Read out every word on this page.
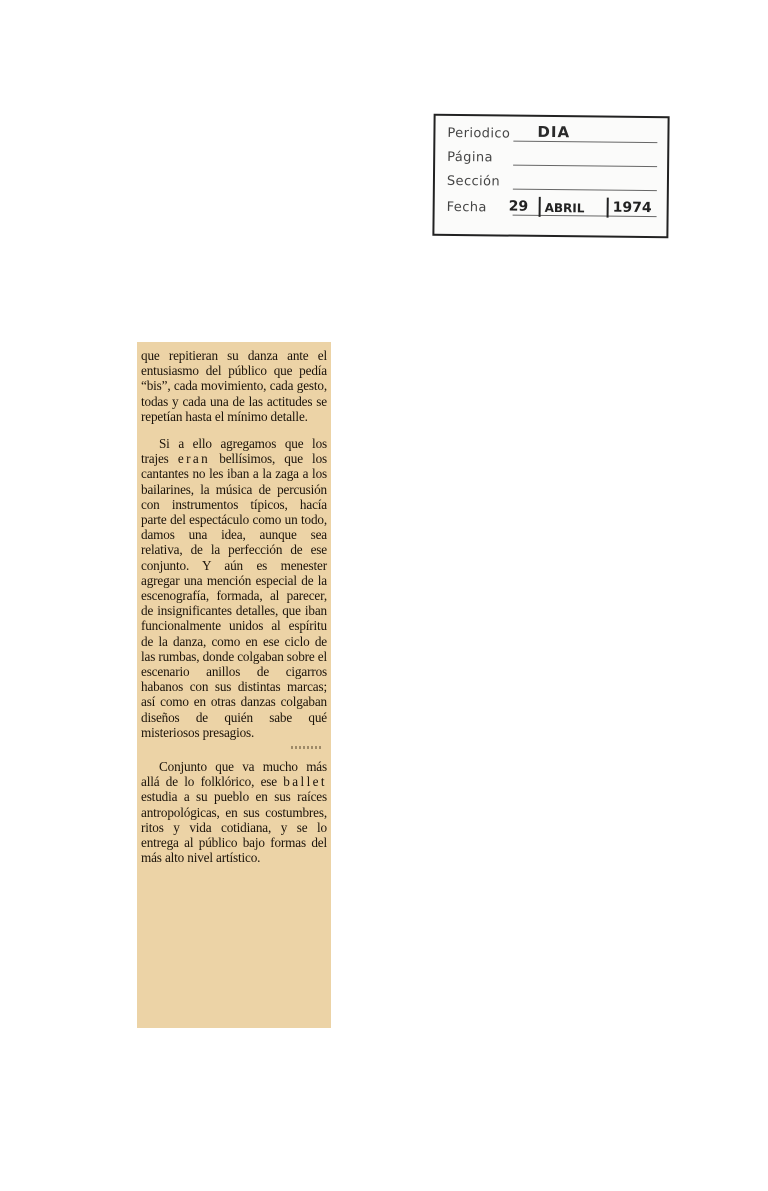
Periodico DIA
Página
Sección
Fecha 29 ABRIL 1974

que repitieran su danza ante el entusiasmo del público que pedía “bis”, cada movimiento, cada gesto, todas y cada una de las actitudes se repetían hasta el mínimo detalle.

Si a ello agregamos que los trajes eran bellísimos, que los cantantes no les iban a la zaga a los bailarines, la música de percusión con instrumentos típicos, hacía parte del espectáculo como un todo, damos una idea, aunque sea relativa, de la perfección de ese conjunto. Y aún es menester agregar una mención especial de la escenografía, formada, al parecer, de insignificantes detalles, que iban funcionalmente unidos al espíritu de la danza, como en ese ciclo de las rumbas, donde colgaban sobre el escenario anillos de cigarros habanos con sus distintas marcas; así como en otras danzas colgaban diseños de quién sabe qué misteriosos presagios.

Conjunto que va mucho más allá de lo folklórico, ese ballet estudia a su pueblo en sus raíces antropológicas, en sus costumbres, ritos y vida cotidiana, y se lo entrega al público bajo formas del más alto nivel artístico.
